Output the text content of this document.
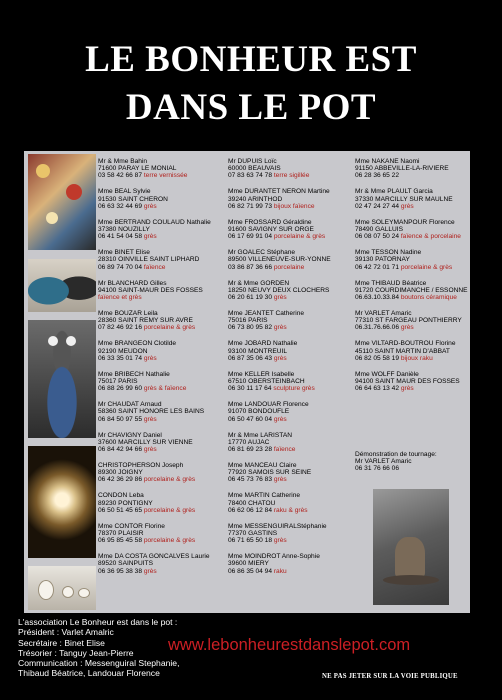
LE BONHEUR EST
DANS LE POT
Mr & Mme Bahin
71600 PARAY LE MONIAL
03 58 42 66 87 terre vernissée
Mme BEAL Sylvie
91530 SAINT CHERON
06 63 32 44 69 grès
Mme BERTRAND COULAUD Nathalie
37380 NOUZILLY
06 41 54 04 58 grès
Mme BINET Elise
28310 OINVILLE SAINT LIPHARD
06 89 74 70 04 faïence
Mr BLANCHARD Gilles
94100 SAINT-MAUR DES FOSSES
faïence et grès
Mme BOUZAR Leila
28360 SAINT REMY SUR AVRE
07 82 46 92 16 porcelaine & grès
Mme BRANGEON Clotilde
92190 MEUDON
06 33 35 01 74 grès
Mme BRIBECH Nathalie
75017 PARIS
06 88 26 99 60 grès & faïence
Mr CHAUDAT Arnaud
58360 SAINT HONORE LES BAINS
06 84 50 97 55 grès
Mr CHAVIGNY Daniel
37600 MARCILLY SUR VIENNE
06 84 42 94 66 grès
CHRISTOPHERSON Joseph
89300 JOIGNY
06 42 36 29 86 porcelaine & grès
CONDON Leba
89230 PONTIGNY
06 50 51 45 65 porcelaine & grès
Mme CONTOR Florine
78370 PLAISIR
06 95 85 45 58 porcelaine & grès
Mme DA COSTA GONCALVES Laurie
89520 SAINPUITS
06 36 95 38 38 grès
Mr DUPUIS Loïc
60000 BEAUVAIS
07 83 63 74 78 terre sigillée
Mme DURANTET NERON Martine
39240 ARINTHOD
06 82 71 99 73 bijoux faïence
Mme FROSSARD Géraldine
91600 SAVIGNY SUR ORGE
06 17 69 91 04 porcelaine & grès
Mr GOALEC Stéphane
89500 VILLENEUVE-SUR-YONNE
03 86 87 36 66 porcelaine
Mr & Mme GORDEN
18250 NEUVY DEUX CLOCHERS
06 20 61 19 30 grès
Mme JEANTET Catherine
75016 PARIS
06 73 80 95 82 grès
Mme JOBARD Nathalie
93100 MONTREUIL
06 87 35 06 43 grès
Mme KELLER Isabelle
67510 OBERSTEINBACH
06 30 11 17 64 sculpture grès
Mme LANDOUAR Florence
91070 BONDOUFLE
06 50 47 60 04 grès
Mr & Mme LARISTAN
17770 AUJAC
06 81 69 23 28 faïence
Mme MANCEAU Claire
77920 SAMOIS SUR SEINE
06 45 73 76 83 grès
Mme MARTIN Catherine
78400 CHATOU
06 62 06 12 84 raku & grès
Mme MESSENGUIRALStéphanie
77370 GASTINS
06 71 65 50 18 grès
Mme MOINDROT Anne-Sophie
39600 MIERY
06 86 35 04 94 raku
Mme NAKANE Naomi
91150 ABBEVILLE-LA-RIVIERE
06 28 36 65 22
Mr & Mme PLAULT Garcia
37330 MARCILLY SUR MAULNE
02 47 24 27 44 grès
Mme SOLEYMANPOUR Florence
78490 GALLUIS
06 08 07 50 24 faïence & porcelaine
Mme TESSON Nadine
39130 PATORNAY
06 42 72 01 71 porcelaine & grès
Mme THIBAUD Béatrice
91720 COURDIMANCHE / ESSONNE
06.63.10.33.84 boutons céramique
Mr VARLET Amaric
77310 ST FARGEAU PONTHIERRY
06.31.76.66.06 grès
Mme VILTARD-BOUTROU Florine
45110 SAINT MARTIN D'ABBAT
06 82 05 58 19 bijoux raku
Mme WOLFF Danièle
94100 SAINT MAUR DES FOSSES
06 64 63 13 42 grès
Démonstration de tournage:
Mr VARLET Amaric
06 31 76 66 06
L'association Le Bonheur est dans le pot :
Président : Varlet Amalric
Secrétaire : Binet Elise
Trésorier : Tanguy Jean-Pierre
Communication : Messenguiral Stephanie,
Thibaud Béatrice, Landouar Florence
www.lebonheurestdanslepot.com
NE PAS JETER SUR LA VOIE PUBLIQUE
